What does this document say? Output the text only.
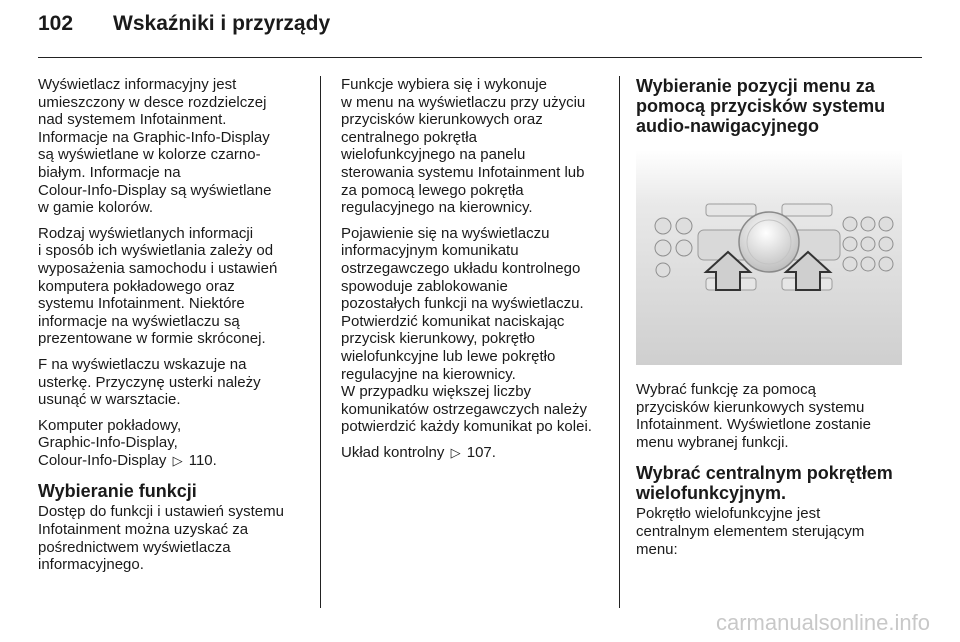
102 Wskaźniki i przyrządy

Wyświetlacz informacyjny jest
umieszczony w desce rozdzielczej
nad systemem Infotainment.
Informacje na Graphic-Info-Display
są wyświetlane w kolorze czarno-
białym. Informacje na
Colour-Info-Display są wyświetlane
w gamie kolorów.

Rodzaj wyświetlanych informacji
i sposób ich wyświetlania zależy od
wyposażenia samochodu i ustawień
komputera pokładowego oraz
systemu Infotainment. Niektóre
informacje na wyświetlaczu są
prezentowane w formie skróconej.

F na wyświetlaczu wskazuje na
usterkę. Przyczynę usterki należy
usunąć w warsztacie.

Komputer pokładowy,
Graphic-Info-Display,
Colour-Info-Display ▷ 110.

Wybieranie funkcji

Dostęp do funkcji i ustawień systemu
Infotainment można uzyskać za
pośrednictwem wyświetlacza
informacyjnego.

Funkcje wybiera się i wykonuje
w menu na wyświetlaczu przy użyciu
przycisków kierunkowych oraz
centralnego pokrętła
wielofunkcyjnego na panelu
sterowania systemu Infotainment lub
za pomocą lewego pokrętła
regulacyjnego na kierownicy.

Pojawienie się na wyświetlaczu
informacyjnym komunikatu
ostrzegawczego układu kontrolnego
spowoduje zablokowanie
pozostałych funkcji na wyświetlaczu.
Potwierdzić komunikat naciskając
przycisk kierunkowy, pokrętło
wielofunkcyjne lub lewe pokrętło
regulacyjne na kierownicy.
W przypadku większej liczby
komunikatów ostrzegawczych należy
potwierdzić każdy komunikat po kolei.

Układ kontrolny ▷ 107.

Wybieranie pozycji menu za
pomocą przycisków systemu
audio-nawigacyjnego

Wybrać funkcję za pomocą
przycisków kierunkowych systemu
Infotainment. Wyświetlone zostanie
menu wybranej funkcji.

Wybrać centralnym pokrętłem
wielofunkcyjnym.

Pokrętło wielofunkcyjne jest
centralnym elementem sterującym
menu:

carmanualsonline.info
